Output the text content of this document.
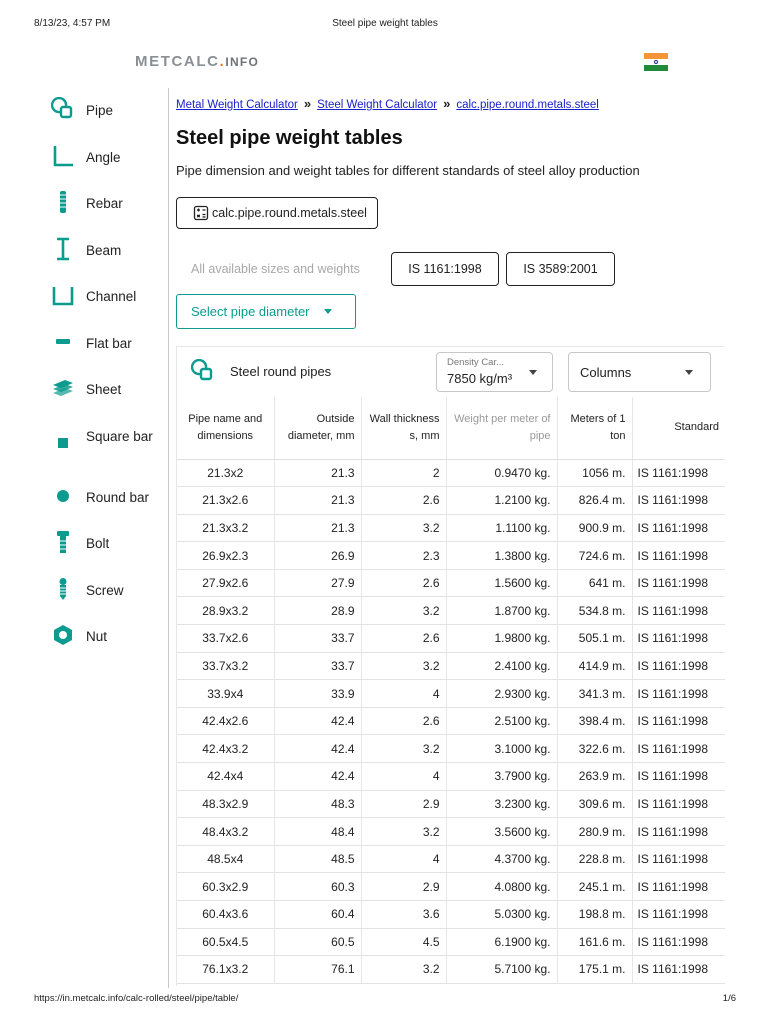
8/13/23, 4:57 PM	Steel pipe weight tables
METCALC.INFO
Pipe
Angle
Rebar
Beam
Channel
Flat bar
Sheet
Square bar
Round bar
Bolt
Screw
Nut
Metal Weight Calculator » Steel Weight Calculator » calc.pipe.round.metals.steel
Steel pipe weight tables

Pipe dimension and weight tables for different standards of steel alloy production

calc.pipe.round.metals.steel
All available sizes and weights	IS 1161:1998	IS 3589:2001
Select pipe diameter
Steel round pipes
Density Car...
7850 kg/m³	Columns
Pipe name and dimensions	Outside diameter, mm	Wall thickness s, mm	Weight per meter of pipe	Meters of 1 ton	Standard
21.3x2	21.3	2	0.9470 kg.	1056 m.	IS 1161:1998
21.3x2.6	21.3	2.6	1.2100 kg.	826.4 m.	IS 1161:1998
21.3x3.2	21.3	3.2	1.1100 kg.	900.9 m.	IS 1161:1998
26.9x2.3	26.9	2.3	1.3800 kg.	724.6 m.	IS 1161:1998
27.9x2.6	27.9	2.6	1.5600 kg.	641 m.	IS 1161:1998
28.9x3.2	28.9	3.2	1.8700 kg.	534.8 m.	IS 1161:1998
33.7x2.6	33.7	2.6	1.9800 kg.	505.1 m.	IS 1161:1998
33.7x3.2	33.7	3.2	2.4100 kg.	414.9 m.	IS 1161:1998
33.9x4	33.9	4	2.9300 kg.	341.3 m.	IS 1161:1998
42.4x2.6	42.4	2.6	2.5100 kg.	398.4 m.	IS 1161:1998
42.4x3.2	42.4	3.2	3.1000 kg.	322.6 m.	IS 1161:1998
42.4x4	42.4	4	3.7900 kg.	263.9 m.	IS 1161:1998
48.3x2.9	48.3	2.9	3.2300 kg.	309.6 m.	IS 1161:1998
48.4x3.2	48.4	3.2	3.5600 kg.	280.9 m.	IS 1161:1998
48.5x4	48.5	4	4.3700 kg.	228.8 m.	IS 1161:1998
60.3x2.9	60.3	2.9	4.0800 kg.	245.1 m.	IS 1161:1998
60.4x3.6	60.4	3.6	5.0300 kg.	198.8 m.	IS 1161:1998
60.5x4.5	60.5	4.5	6.1900 kg.	161.6 m.	IS 1161:1998
76.1x3.2	76.1	3.2	5.7100 kg.	175.1 m.	IS 1161:1998
https://in.metcalc.info/calc-rolled/steel/pipe/table/	1/6
